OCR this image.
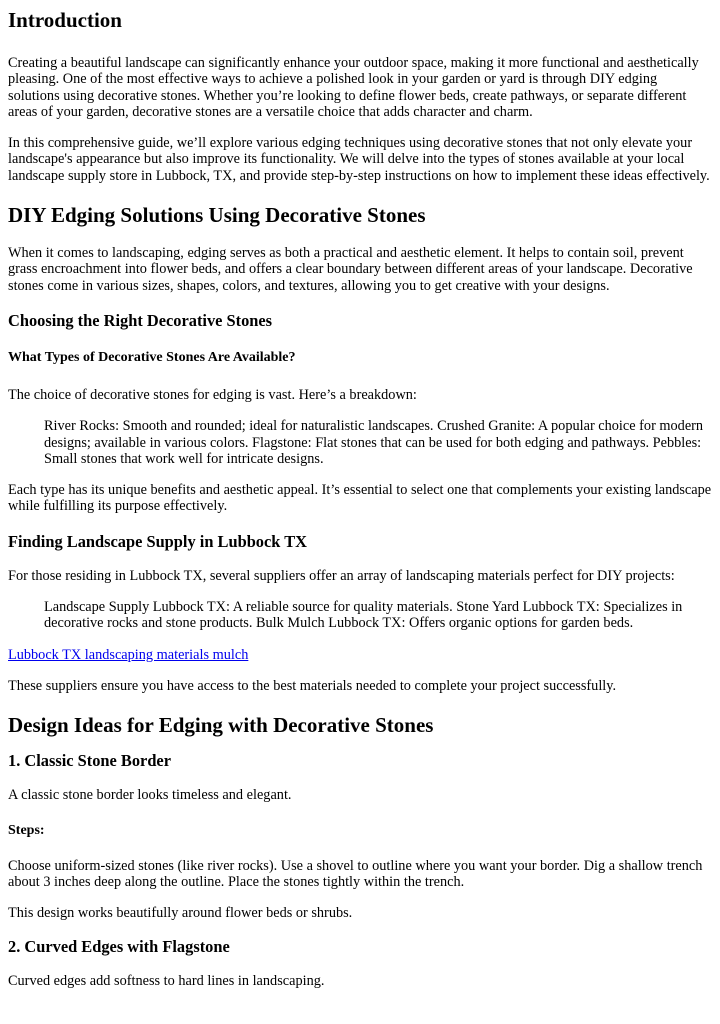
Introduction

Creating a beautiful landscape can significantly enhance your outdoor space, making it more functional and aesthetically pleasing. One of the most effective ways to achieve a polished look in your garden or yard is through DIY edging solutions using decorative stones. Whether you’re looking to define flower beds, create pathways, or separate different areas of your garden, decorative stones are a versatile choice that adds character and charm.

In this comprehensive guide, we’ll explore various edging techniques using decorative stones that not only elevate your landscape's appearance but also improve its functionality. We will delve into the types of stones available at your local landscape supply store in Lubbock, TX, and provide step-by-step instructions on how to implement these ideas effectively.

DIY Edging Solutions Using Decorative Stones

When it comes to landscaping, edging serves as both a practical and aesthetic element. It helps to contain soil, prevent grass encroachment into flower beds, and offers a clear boundary between different areas of your landscape. Decorative stones come in various sizes, shapes, colors, and textures, allowing you to get creative with your designs.

Choosing the Right Decorative Stones
What Types of Decorative Stones Are Available?

The choice of decorative stones for edging is vast. Here’s a breakdown:

River Rocks: Smooth and rounded; ideal for naturalistic landscapes. Crushed Granite: A popular choice for modern designs; available in various colors. Flagstone: Flat stones that can be used for both edging and pathways. Pebbles: Small stones that work well for intricate designs.

Each type has its unique benefits and aesthetic appeal. It’s essential to select one that complements your existing landscape while fulfilling its purpose effectively.

Finding Landscape Supply in Lubbock TX

For those residing in Lubbock TX, several suppliers offer an array of landscaping materials perfect for DIY projects:

Landscape Supply Lubbock TX: A reliable source for quality materials. Stone Yard Lubbock TX: Specializes in decorative rocks and stone products. Bulk Mulch Lubbock TX: Offers organic options for garden beds.

Lubbock TX landscaping materials mulch

These suppliers ensure you have access to the best materials needed to complete your project successfully.

Design Ideas for Edging with Decorative Stones
1. Classic Stone Border

A classic stone border looks timeless and elegant.

Steps:

Choose uniform-sized stones (like river rocks). Use a shovel to outline where you want your border. Dig a shallow trench about 3 inches deep along the outline. Place the stones tightly within the trench.

This design works beautifully around flower beds or shrubs.

2. Curved Edges with Flagstone

Curved edges add softness to hard lines in landscaping.
